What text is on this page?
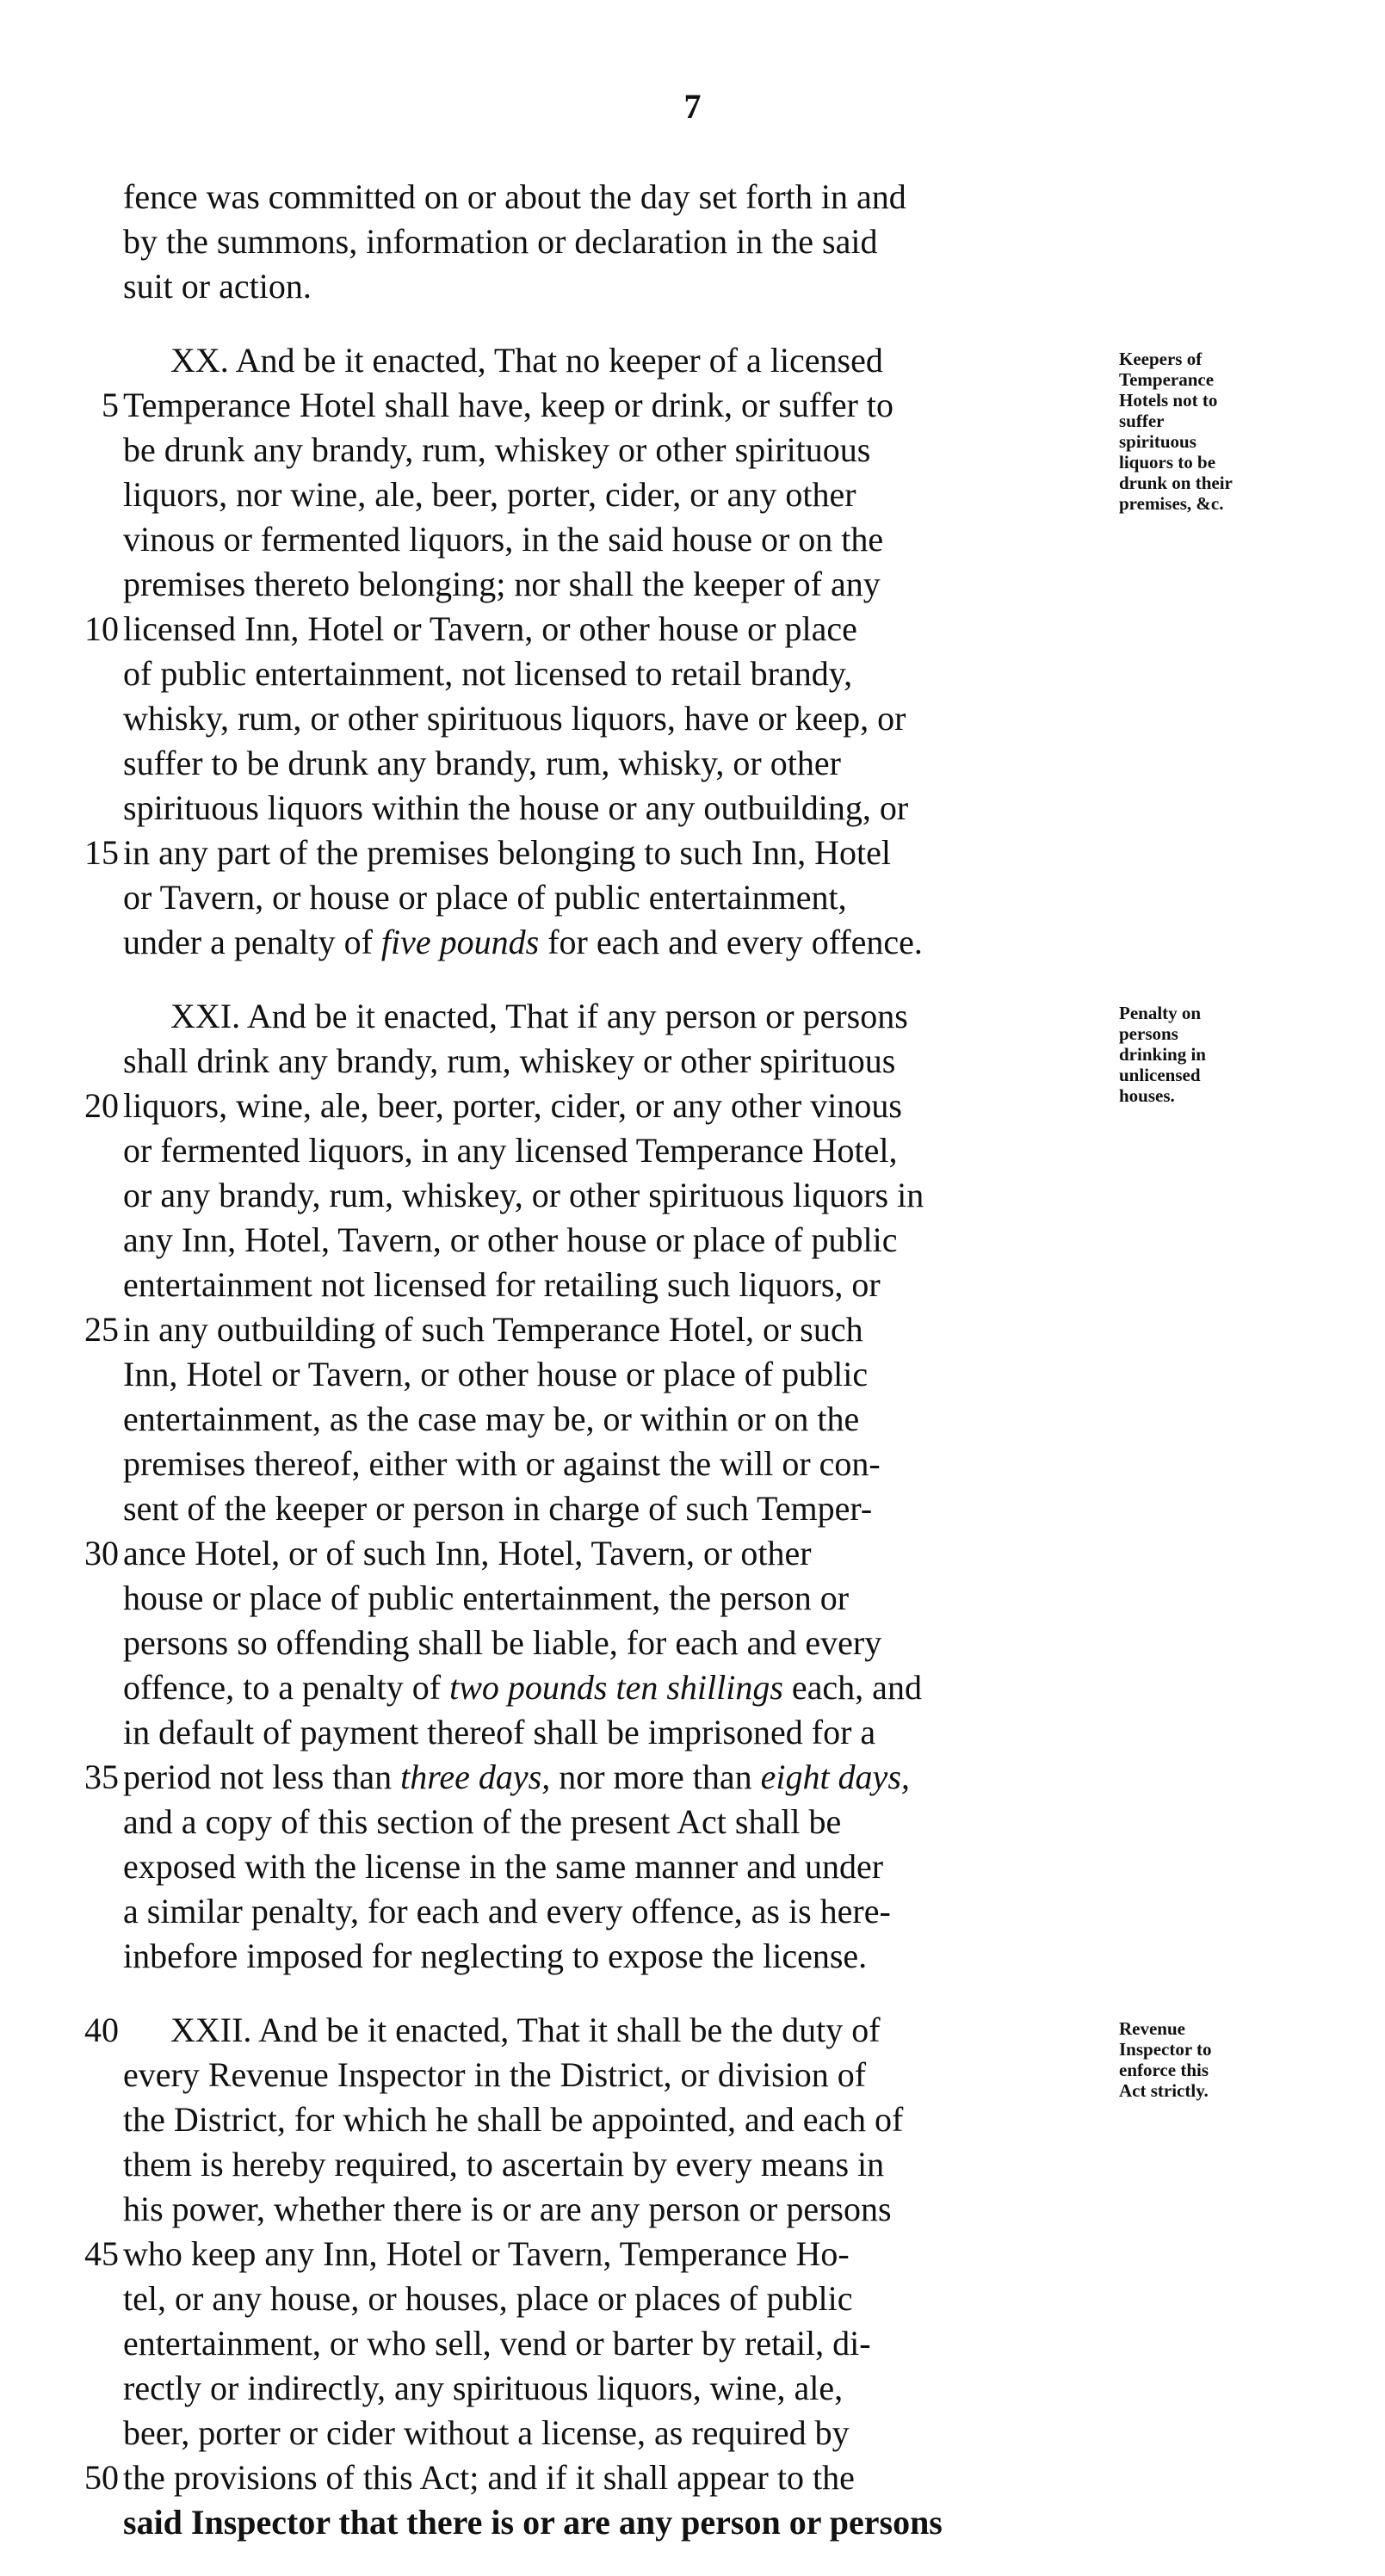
7
fence was committed on or about the day set forth in and
by the summons, information or declaration in the said
suit or action.
XX. And be it enacted, That no keeper of a licensed
Temperance Hotel shall have, keep or drink, or suffer to
5
be drunk any brandy, rum, whiskey or other spirituous
liquors, nor wine, ale, beer, porter, cider, or any other
vinous or fermented liquors, in the said house or on the
premises thereto belonging; nor shall the keeper of any
licensed Inn, Hotel or Tavern, or other house or place
10
of public entertainment, not licensed to retail brandy,
whisky, rum, or other spirituous liquors, have or keep, or
suffer to be drunk any brandy, rum, whisky, or other
spirituous liquors within the house or any outbuilding, or
in any part of the premises belonging to such Inn, Hotel
15
or Tavern, or house or place of public entertainment,
under a penalty of five pounds for each and every offence.
XXI. And be it enacted, That if any person or persons
shall drink any brandy, rum, whiskey or other spirituous
liquors, wine, ale, beer, porter, cider, or any other vinous
20
or fermented liquors, in any licensed Temperance Hotel,
or any brandy, rum, whiskey, or other spirituous liquors in
any Inn, Hotel, Tavern, or other house or place of public
entertainment not licensed for retailing such liquors, or
in any outbuilding of such Temperance Hotel, or such
25
Inn, Hotel or Tavern, or other house or place of public
entertainment, as the case may be, or within or on the
premises thereof, either with or against the will or con-
sent of the keeper or person in charge of such Temper-
ance Hotel, or of such Inn, Hotel, Tavern, or other
30
house or place of public entertainment, the person or
persons so offending shall be liable, for each and every
offence, to a penalty of two pounds ten shillings each, and
in default of payment thereof shall be imprisoned for a
period not less than three days, nor more than eight days,
35
and a copy of this section of the present Act shall be
exposed with the license in the same manner and under
a similar penalty, for each and every offence, as is here-
inbefore imposed for neglecting to expose the license.
XXII. And be it enacted, That it shall be the duty of
40
every Revenue Inspector in the District, or division of
the District, for which he shall be appointed, and each of
them is hereby required, to ascertain by every means in
his power, whether there is or are any person or persons
who keep any Inn, Hotel or Tavern, Temperance Ho-
45
tel, or any house, or houses, place or places of public
entertainment, or who sell, vend or barter by retail, di-
rectly or indirectly, any spirituous liquors, wine, ale,
beer, porter or cider without a license, as required by
the provisions of this Act; and if it shall appear to the
50
said Inspector that there is or are any person or persons
Keepers of
Temperance
Hotels not to
suffer
spirituous
liquors to be
drunk on their
premises, &c.
Penalty on
persons
drinking in
unlicensed
houses.
Revenue
Inspector to
enforce this
Act strictly.
